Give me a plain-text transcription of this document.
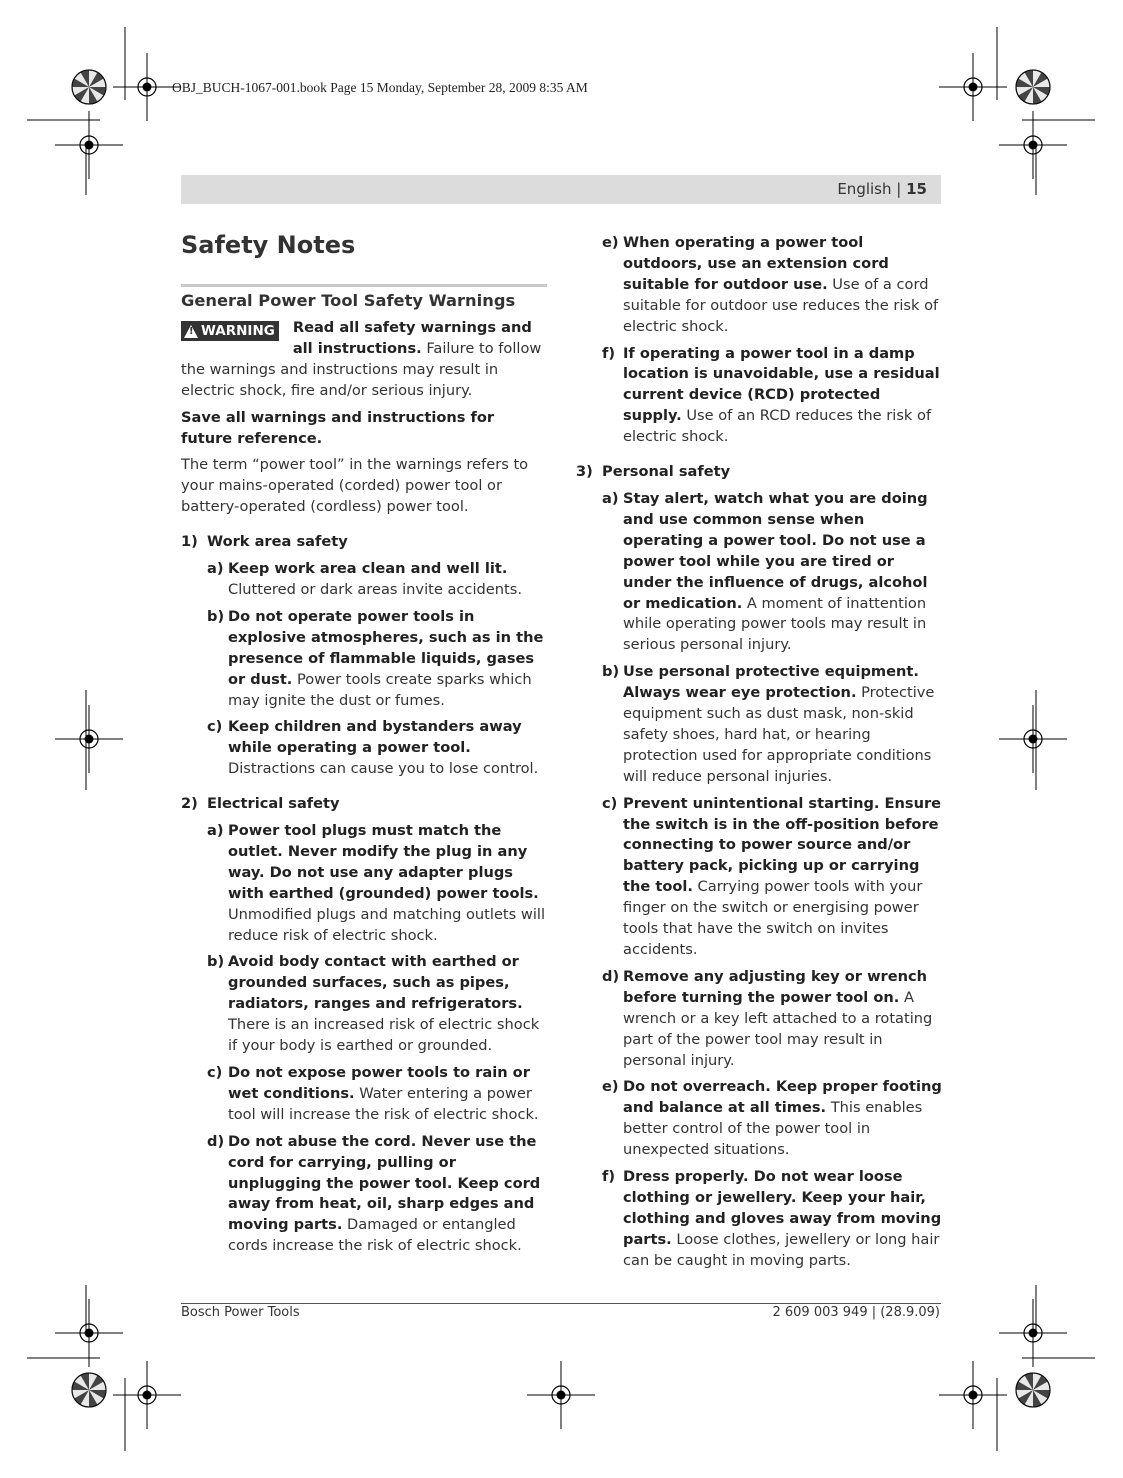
OBJ_BUCH-1067-001.book Page 15 Monday, September 28, 2009 8:35 AM
English | 15
Safety Notes
General Power Tool Safety Warnings
! WARNING Read all safety warnings and all instructions. Failure to follow the warnings and instructions may result in electric shock, fire and/or serious injury.

Save all warnings and instructions for future reference.

The term “power tool” in the warnings refers to your mains-operated (corded) power tool or battery-operated (cordless) power tool.

1) Work area safety
a) Keep work area clean and well lit. Cluttered or dark areas invite accidents.
b) Do not operate power tools in explosive atmospheres, such as in the presence of flammable liquids, gases or dust. Power tools create sparks which may ignite the dust or fumes.
c) Keep children and bystanders away while operating a power tool. Distractions can cause you to lose control.
2) Electrical safety
a) Power tool plugs must match the outlet. Never modify the plug in any way. Do not use any adapter plugs with earthed (grounded) power tools. Unmodified plugs and matching outlets will reduce risk of electric shock.
b) Avoid body contact with earthed or grounded surfaces, such as pipes, radiators, ranges and refrigerators. There is an increased risk of electric shock if your body is earthed or grounded.
c) Do not expose power tools to rain or wet conditions. Water entering a power tool will increase the risk of electric shock.
d) Do not abuse the cord. Never use the cord for carrying, pulling or unplugging the power tool. Keep cord away from heat, oil, sharp edges and moving parts. Damaged or entangled cords increase the risk of electric shock.
e) When operating a power tool outdoors, use an extension cord suitable for outdoor use. Use of a cord suitable for outdoor use reduces the risk of electric shock.
f) If operating a power tool in a damp location is unavoidable, use a residual current device (RCD) protected supply. Use of an RCD reduces the risk of electric shock.
3) Personal safety
a) Stay alert, watch what you are doing and use common sense when operating a power tool. Do not use a power tool while you are tired or under the influence of drugs, alcohol or medication. A moment of inattention while operating power tools may result in serious personal injury.
b) Use personal protective equipment. Always wear eye protection. Protective equipment such as dust mask, non-skid safety shoes, hard hat, or hearing protection used for appropriate conditions will reduce personal injuries.
c) Prevent unintentional starting. Ensure the switch is in the off-position before connecting to power source and/or battery pack, picking up or carrying the tool. Carrying power tools with your finger on the switch or energising power tools that have the switch on invites accidents.
d) Remove any adjusting key or wrench before turning the power tool on. A wrench or a key left attached to a rotating part of the power tool may result in personal injury.
e) Do not overreach. Keep proper footing and balance at all times. This enables better control of the power tool in unexpected situations.
f) Dress properly. Do not wear loose clothing or jewellery. Keep your hair, clothing and gloves away from moving parts. Loose clothes, jewellery or long hair can be caught in moving parts.
Bosch Power Tools	2 609 003 949 | (28.9.09)
